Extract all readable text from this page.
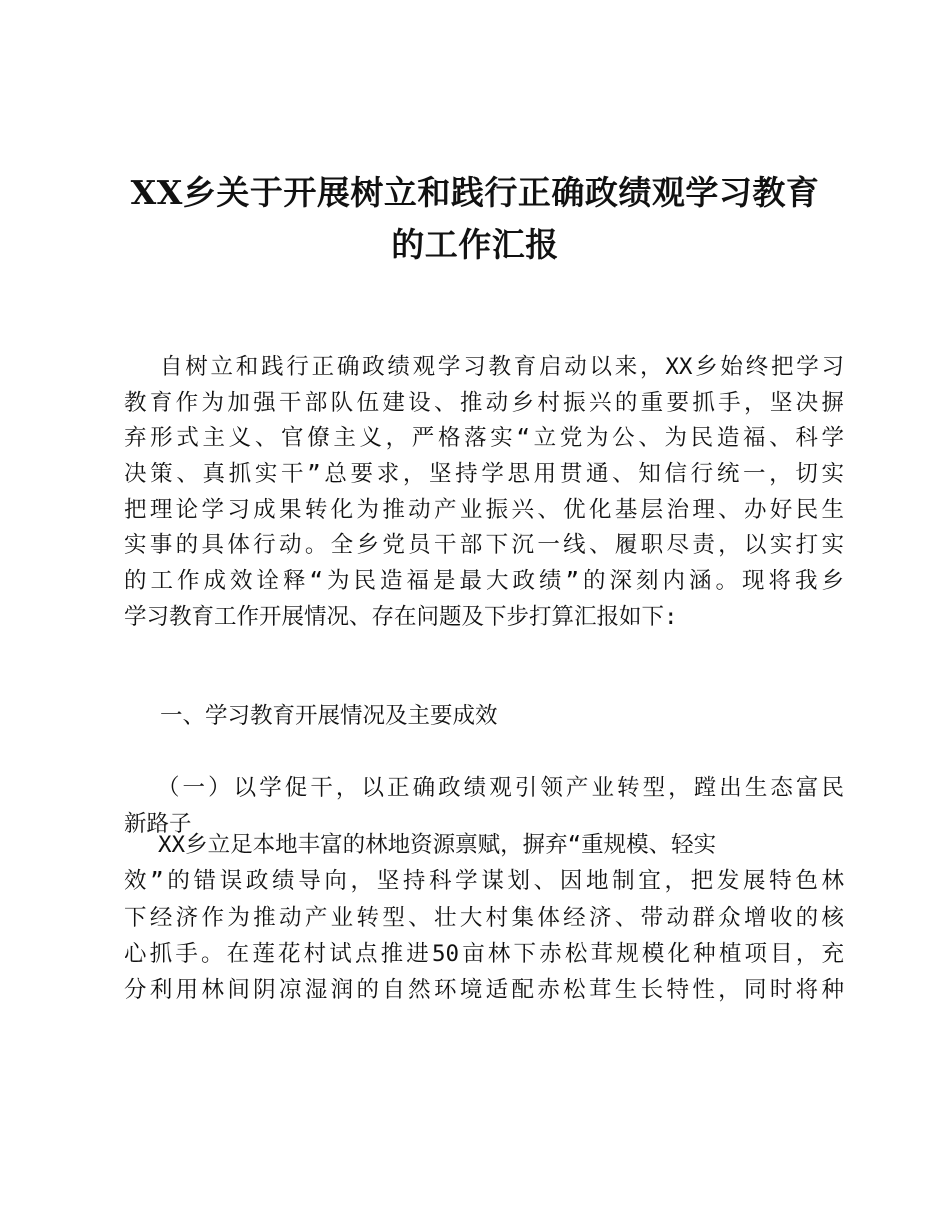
XX乡关于开展树立和践行正确政绩观学习教育
的工作汇报
自树立和践行正确政绩观学习教育启动以来，XX乡始终把学习
教育作为加强干部队伍建设、推动乡村振兴的重要抓手，坚决摒
弃形式主义、官僚主义，严格落实“立党为公、为民造福、科学
决策、真抓实干”总要求，坚持学思用贯通、知信行统一，切实
把理论学习成果转化为推动产业振兴、优化基层治理、办好民生
实事的具体行动。全乡党员干部下沉一线、履职尽责，以实打实
的工作成效诠释“为民造福是最大政绩”的深刻内涵。现将我乡
学习教育工作开展情况、存在问题及下步打算汇报如下:
一、学习教育开展情况及主要成效
（一）以学促干，以正确政绩观引领产业转型，蹚出生态富民
新路子
XX乡立足本地丰富的林地资源禀赋，摒弃“重规模、轻实
效”的错误政绩导向，坚持科学谋划、因地制宜，把发展特色林
下经济作为推动产业转型、壮大村集体经济、带动群众增收的核
心抓手。在莲花村试点推进50亩林下赤松茸规模化种植项目，充
分利用林间阴凉湿润的自然环境适配赤松茸生长特性，同时将种
